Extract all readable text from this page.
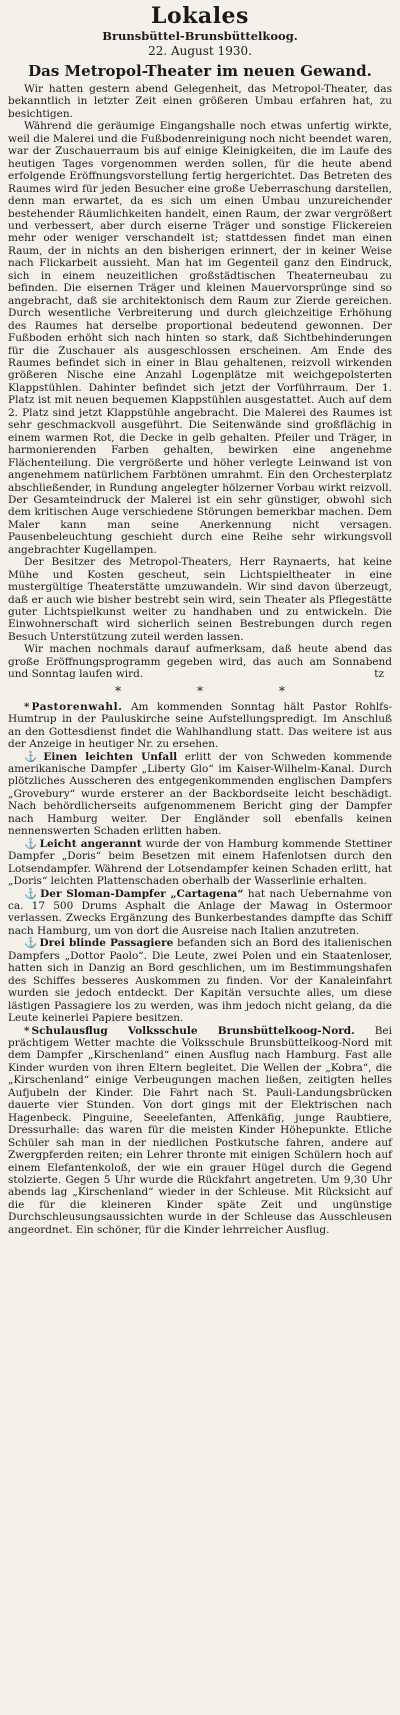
Lokales
Brunsbüttel-Brunsbüttelkoog.
22. August 1930.
Das Metropol-Theater im neuen Gewand.

Wir hatten gestern abend Gelegenheit, das Metropol-Theater, das bekanntlich in letzter Zeit einen größeren Umbau erfahren hat, zu besichtigen.

Während die geräumige Eingangshalle noch etwas unfertig wirkte, weil die Malerei und die Fußbodenreinigung noch nicht beendet waren, war der Zuschauerraum bis auf einige Kleinigkeiten, die im Laufe des heutigen Tages vorgenommen werden sollen, für die heute abend erfolgende Eröffnungsvorstellung fertig hergerichtet. Das Betreten des Raumes wird für jeden Besucher eine große Ueberraschung darstellen, denn man erwartet, da es sich um einen Umbau unzureichender bestehender Räumlichkeiten handelt, einen Raum, der zwar vergrößert und verbessert, aber durch eiserne Träger und sonstige Flickereien mehr oder weniger verschandelt ist; stattdessen findet man einen Raum, der in nichts an den bisherigen erinnert, der in keiner Weise nach Flickarbeit aussieht. Man hat im Gegenteil ganz den Eindruck, sich in einem neuzeitlichen großstädtischen Theaterneubau zu befinden. Die eisernen Träger und kleinen Mauervorsprünge sind so angebracht, daß sie architektonisch dem Raum zur Zierde gereichen. Durch wesentliche Verbreiterung und durch gleichzeitige Erhöhung des Raumes hat derselbe proportional bedeutend gewonnen. Der Fußboden erhöht sich nach hinten so stark, daß Sichtbehinderungen für die Zuschauer als ausgeschlossen erscheinen. Am Ende des Raumes befindet sich in einer in Blau gehaltenen, reizvoll wirkenden größeren Nische eine Anzahl Logenplätze mit weichgepolsterten Klappstühlen. Dahinter befindet sich jetzt der Vorführraum. Der 1. Platz ist mit neuen bequemen Klappstühlen ausgestattet. Auch auf dem 2. Platz sind jetzt Klappstühle angebracht. Die Malerei des Raumes ist sehr geschmackvoll ausgeführt. Die Seitenwände sind großflächig in einem warmen Rot, die Decke in gelb gehalten. Pfeiler und Träger, in harmonierenden Farben gehalten, bewirken eine angenehme Flächenteilung. Die vergrößerte und höher verlegte Leinwand ist von angenehmem natürlichem Farbtönen umrahmt. Ein den Orchesterplatz abschließender, in Rundung angelegter hölzerner Vorbau wirkt reizvoll. Der Gesamteindruck der Malerei ist ein sehr günstiger, obwohl sich dem kritischen Auge verschiedene Störungen bemerkbar machen. Dem Maler kann man seine Anerkennung nicht versagen. Pausenbeleuchtung geschieht durch eine Reihe sehr wirkungsvoll angebrachter Kugellampen.

Der Besitzer des Metropol-Theaters, Herr Raynaerts, hat keine Mühe und Kosten gescheut, sein Lichtspieltheater in eine mustergültige Theaterstätte umzuwandeln. Wir sind davon überzeugt, daß er auch wie bisher bestrebt sein wird, sein Theater als Pflegestätte guter Lichtspielkunst weiter zu handhaben und zu entwickeln. Die Einwohnerschaft wird sicherlich seinen Bestrebungen durch regen Besuch Unterstützung zuteil werden lassen.

Wir machen nochmals darauf aufmerksam, daß heute abend das große Eröffnungsprogramm gegeben wird, das auch am Sonnabend und Sonntag laufen wird.	tz

*	*	*

* Pastorenwahl. Am kommenden Sonntag hält Pastor Rohlfs-Humtrup in der Pauluskirche seine Aufstellungspredigt. Im Anschluß an den Gottesdienst findet die Wahlhandlung statt. Das weitere ist aus der Anzeige in heutiger Nr. zu ersehen.

⚓ Einen leichten Unfall erlitt der von Schweden kommende amerikanische Dampfer „Liberty Glo“ im Kaiser-Wilhelm-Kanal. Durch plötzliches Ausscheren des entgegenkommenden englischen Dampfers „Grovebury“ wurde ersterer an der Backbordseite leicht beschädigt. Nach behördlicherseits aufgenommenem Bericht ging der Dampfer nach Hamburg weiter. Der Engländer soll ebenfalls keinen nennenswerten Schaden erlitten haben.

⚓ Leicht angerannt wurde der von Hamburg kommende Stettiner Dampfer „Doris“ beim Besetzen mit einem Hafenlotsen durch den Lotsendampfer. Während der Lotsendampfer keinen Schaden erlitt, hat „Doris“ leichten Plattenschaden oberhalb der Wasserlinie erhalten.

⚓ Der Sloman-Dampfer „Cartagena“ hat nach Uebernahme von ca. 17 500 Drums Asphalt die Anlage der Mawag in Ostermoor verlassen. Zwecks Ergänzung des Bunkerbestandes dampfte das Schiff nach Hamburg, um von dort die Ausreise nach Italien anzutreten.

⚓ Drei blinde Passagiere befanden sich an Bord des italienischen Dampfers „Dottor Paolo“. Die Leute, zwei Polen und ein Staatenloser, hatten sich in Danzig an Bord geschlichen, um im Bestimmungshafen des Schiffes besseres Auskommen zu finden. Vor der Kanaleinfahrt wurden sie jedoch entdeckt. Der Kapitän versuchte alles, um diese lästigen Passagiere los zu werden, was ihm jedoch nicht gelang, da die Leute keinerlei Papiere besitzen.

* Schulausflug Volksschule Brunsbüttelkoog-Nord. Bei prächtigem Wetter machte die Volksschule Brunsbüttelkoog-Nord mit dem Dampfer „Kirschenland“ einen Ausflug nach Hamburg. Fast alle Kinder wurden von ihren Eltern begleitet. Die Wellen der „Kobra“, die „Kirschenland“ einige Verbeugungen machen ließen, zeitigten helles Aufjubeln der Kinder. Die Fahrt nach St. Pauli-Landungsbrücken dauerte vier Stunden. Von dort gings mit der Elektrischen nach Hagenbeck. Pinguine, Seeelefanten, Affenkäfig, junge Raubtiere, Dressurhalle: das waren für die meisten Kinder Höhepunkte. Etliche Schüler sah man in der niedlichen Postkutsche fahren, andere auf Zwergpferden reiten; ein Lehrer thronte mit einigen Schülern hoch auf einem Elefantenkoloß, der wie ein grauer Hügel durch die Gegend stolzierte. Gegen 5 Uhr wurde die Rückfahrt angetreten. Um 9,30 Uhr abends lag „Kirschenland“ wieder in der Schleuse. Mit Rücksicht auf die für die kleineren Kinder späte Zeit und ungünstige Durchschleusungsaussichten wurde in der Schleuse das Ausschleusen angeordnet. Ein schöner, für die Kinder lehrreicher Ausflug.
